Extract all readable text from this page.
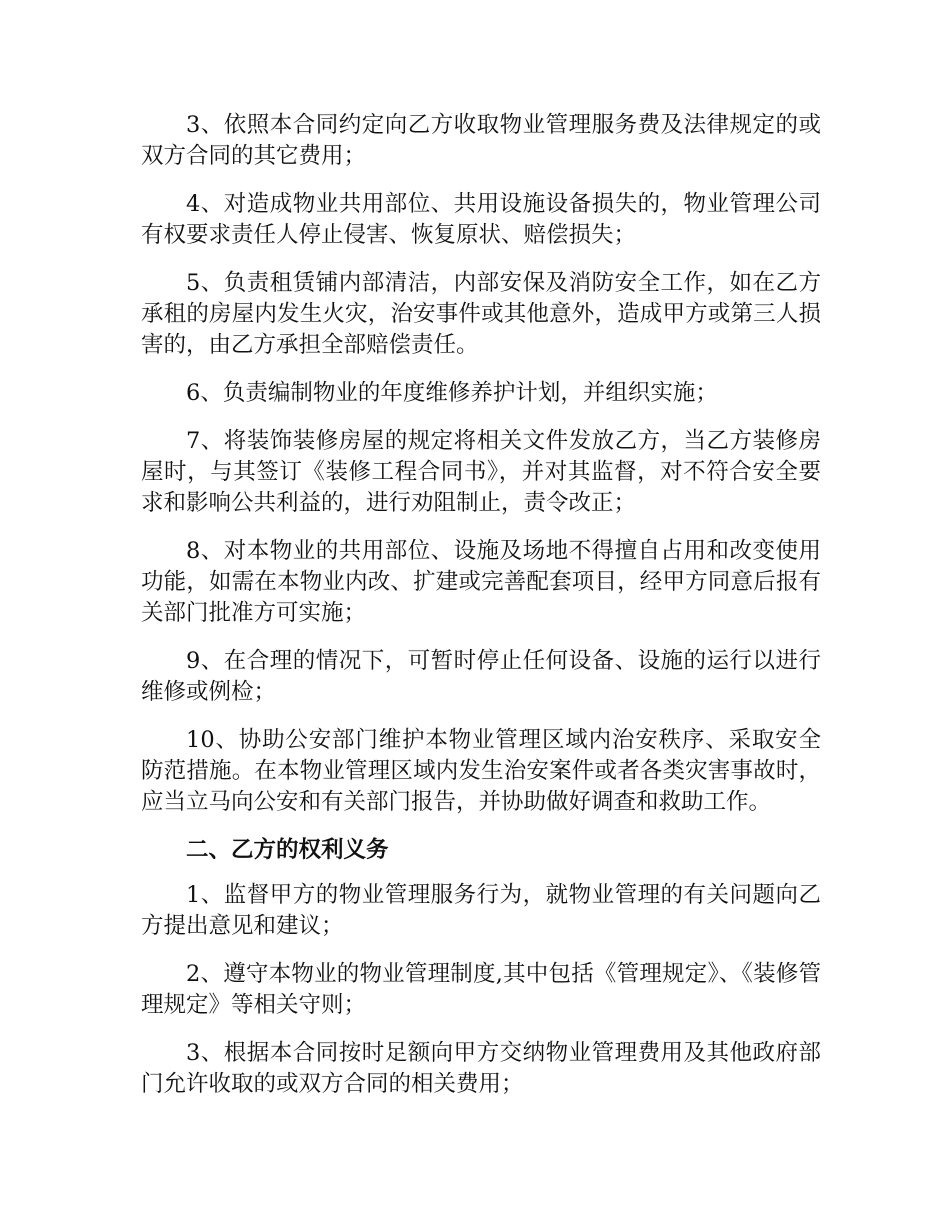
3、依照本合同约定向乙方收取物业管理服务费及法律规定的或双方合同的其它费用；

4、对造成物业共用部位、共用设施设备损失的，物业管理公司有权要求责任人停止侵害、恢复原状、赔偿损失；

5、负责租赁铺内部清洁，内部安保及消防安全工作，如在乙方承租的房屋内发生火灾，治安事件或其他意外，造成甲方或第三人损害的，由乙方承担全部赔偿责任。

6、负责编制物业的年度维修养护计划，并组织实施；

7、将装饰装修房屋的规定将相关文件发放乙方，当乙方装修房屋时，与其签订《装修工程合同书》，并对其监督，对不符合安全要求和影响公共利益的，进行劝阻制止，责令改正；

8、对本物业的共用部位、设施及场地不得擅自占用和改变使用功能，如需在本物业内改、扩建或完善配套项目，经甲方同意后报有关部门批准方可实施；

9、在合理的情况下，可暂时停止任何设备、设施的运行以进行维修或例检；

10、协助公安部门维护本物业管理区域内治安秩序、采取安全防范措施。在本物业管理区域内发生治安案件或者各类灾害事故时，应当立马向公安和有关部门报告，并协助做好调查和救助工作。

二、乙方的权利义务

1、监督甲方的物业管理服务行为，就物业管理的有关问题向乙方提出意见和建议；

2、遵守本物业的物业管理制度,其中包括《管理规定》、《装修管理规定》等相关守则；

3、根据本合同按时足额向甲方交纳物业管理费用及其他政府部门允许收取的或双方合同的相关费用；
